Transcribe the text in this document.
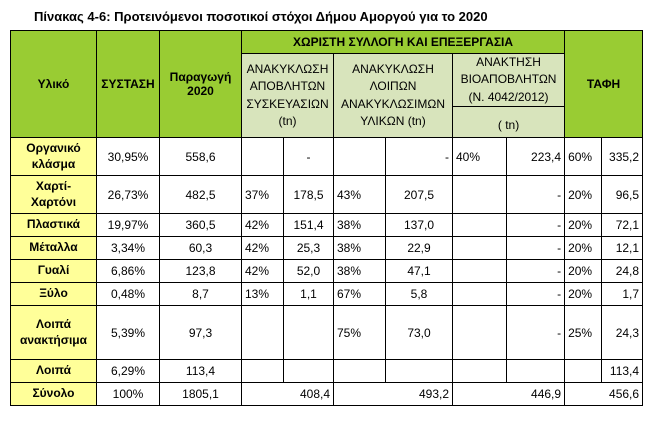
Πίνακας 4-6: Προτεινόμενοι ποσοτικοί στόχοι Δήμου Αμοργού για το 2020
Υλικό	ΣΥΣΤΑΣΗ	Παραγωγή 2020	ΧΩΡΙΣΤΗ ΣΥΛΛΟΓΗ ΚΑΙ ΕΠΕΞΕΡΓΑΣΙΑ						ΤΑΦΗ	
			ΑΝΑΚΥΚΛΩΣΗ ΑΠΟΒΛΗΤΩΝ ΣΥΣΚΕΥΑΣΙΩΝ (tn)		ΑΝΑΚΥΚΛΩΣΗ ΛΟΙΠΩΝ ΑΝΑΚΥΚΛΩΣΙΜΩΝ ΥΛΙΚΩΝ (tn)		ΑΝΑΚΤΗΣΗ ΒΙΟΑΠΟΒΛΗΤΩΝ (Ν. 4042/2012)			

							( tn)			
Οργανικό κλάσμα	30,95%	558,6		-		-	40%	223,4	60%	335,2
Χαρτί-Χαρτόνι	26,73%	482,5	37%	178,5	43%	207,5		-	20%	96,5
Πλαστικά	19,97%	360,5	42%	151,4	38%	137,0		-	20%	72,1
Μέταλλα	3,34%	60,3	42%	25,3	38%	22,9		-	20%	12,1
Γυαλί	6,86%	123,8	42%	52,0	38%	47,1		-	20%	24,8
Ξύλο	0,48%	8,7	13%	1,1	67%	5,8		-	20%	1,7
Λοιπά ανακτήσιμα	5,39%	97,3			75%	73,0		-	25%	24,3
Λοιπά	6,29%	113,4								113,4
Σύνολο	100%	1805,1		408,4		493,2		446,9		456,6
